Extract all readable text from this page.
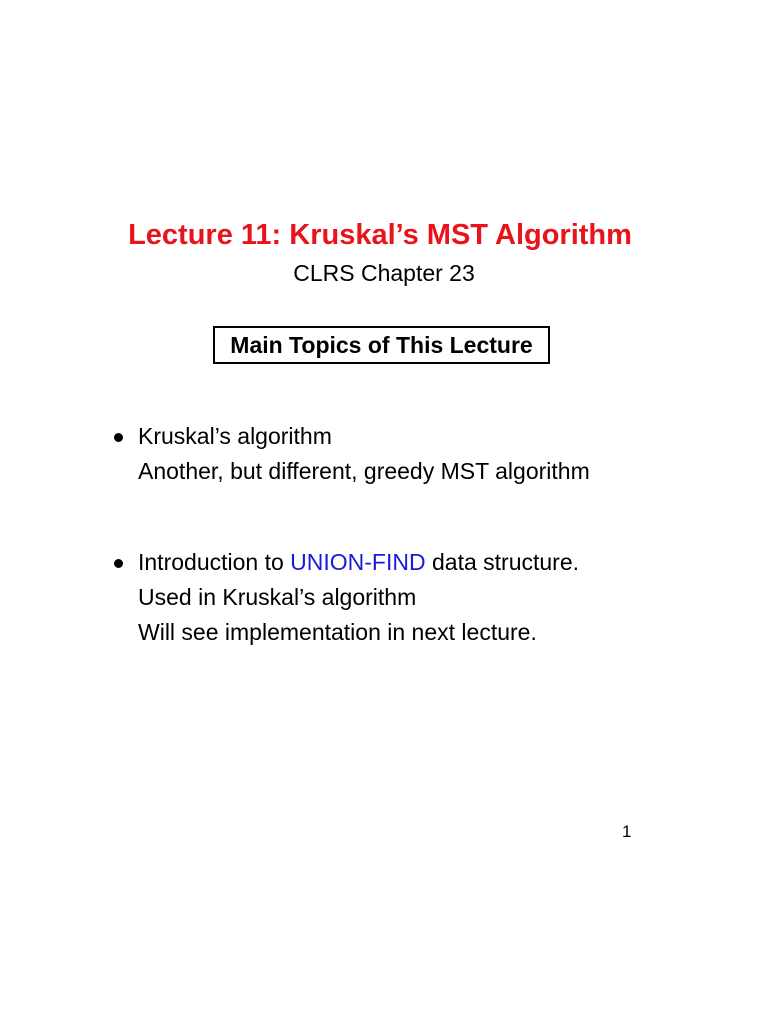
Lecture 11: Kruskal’s MST Algorithm
CLRS Chapter 23
Main Topics of This Lecture
Kruskal’s algorithm
Another, but different, greedy MST algorithm
Introduction to UNION-FIND data structure.
Used in Kruskal’s algorithm
Will see implementation in next lecture.
1
